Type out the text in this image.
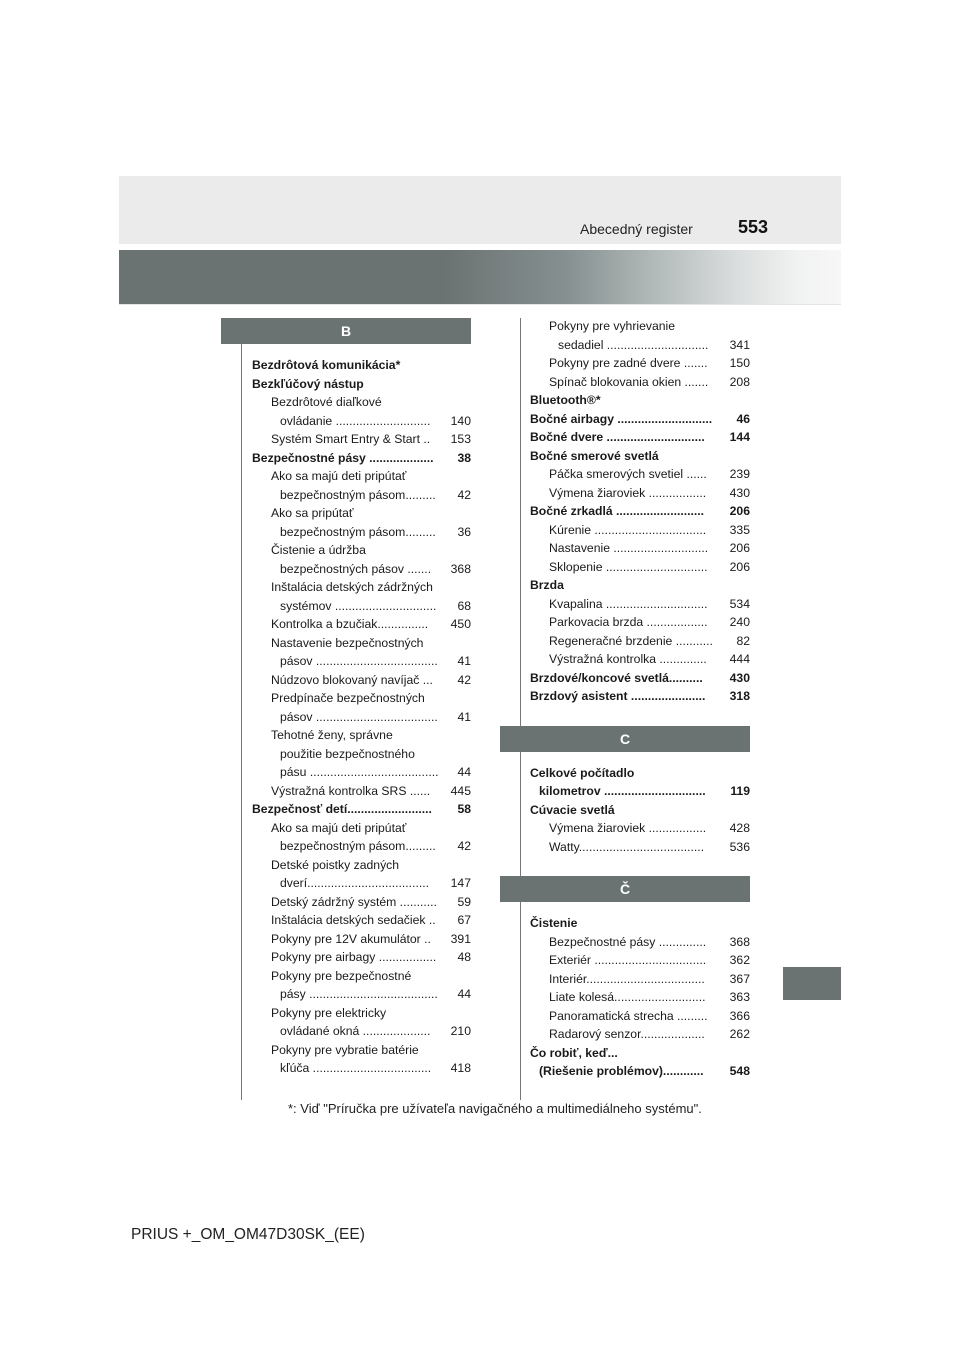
Abecedný register	553
B
Bezdrôtová komunikácia*
Bezkľúčový nástup
Bezdrôtové diaľkové
ovládanie ............................	140
Systém Smart Entry & Start ..	153
Bezpečnostné pásy ...................	38
Ako sa majú deti pripútať
bezpečnostným pásom.........	42
Ako sa pripútať
bezpečnostným pásom.........	36
Čistenie a údržba
bezpečnostných pásov .......	368
Inštalácia detských zádržných
systémov ..............................	68
Kontrolka a bzučiak...............	450
Nastavenie bezpečnostných
pásov ....................................	41
Núdzovo blokovaný navíjač ...	42
Predpínače bezpečnostných
pásov ....................................	41
Tehotné ženy, správne
použitie bezpečnostného
pásu ......................................	44
Výstražná kontrolka SRS ......	445
Bezpečnosť detí.........................	58
Ako sa majú deti pripútať
bezpečnostným pásom.........	42
Detské poistky zadných
dverí....................................	147
Detský zádržný systém ...........	59
Inštalácia detských sedačiek ..	67
Pokyny pre 12V akumulátor ..	391
Pokyny pre airbagy .................	48
Pokyny pre bezpečnostné
pásy ......................................	44
Pokyny pre elektricky
ovládané okná ....................	210
Pokyny pre vybratie batérie
kľúča ...................................	418
Pokyny pre vyhrievanie
sedadiel ..............................	341
Pokyny pre zadné dvere .......	150
Spínač blokovania okien .......	208
Bluetooth®*
Bočné airbagy ............................	46
Bočné dvere .............................	144
Bočné smerové svetlá
Páčka smerových svetiel ......	239
Výmena žiaroviek .................	430
Bočné zrkadlá ..........................	206
Kúrenie .................................	335
Nastavenie ............................	206
Sklopenie ..............................	206
Brzda
Kvapalina ..............................	534
Parkovacia brzda ..................	240
Regeneračné brzdenie ...........	82
Výstražná kontrolka ..............	444
Brzdové/koncové svetlá..........	430
Brzdový asistent ......................	318
C
Celkové počítadlo
kilometrov ..............................	119
Cúvacie svetlá
Výmena žiaroviek .................	428
Watty.....................................	536
Č
Čistenie
Bezpečnostné pásy ..............	368
Exteriér .................................	362
Interiér...................................	367
Liate kolesá...........................	363
Panoramatická strecha .........	366
Radarový senzor...................	262
Čo robiť, keď...
(Riešenie problémov)............	548
*: Viď "Príručka pre užívateľa navigačného a multimediálneho systému".
PRIUS +_OM_OM47D30SK_(EE)
